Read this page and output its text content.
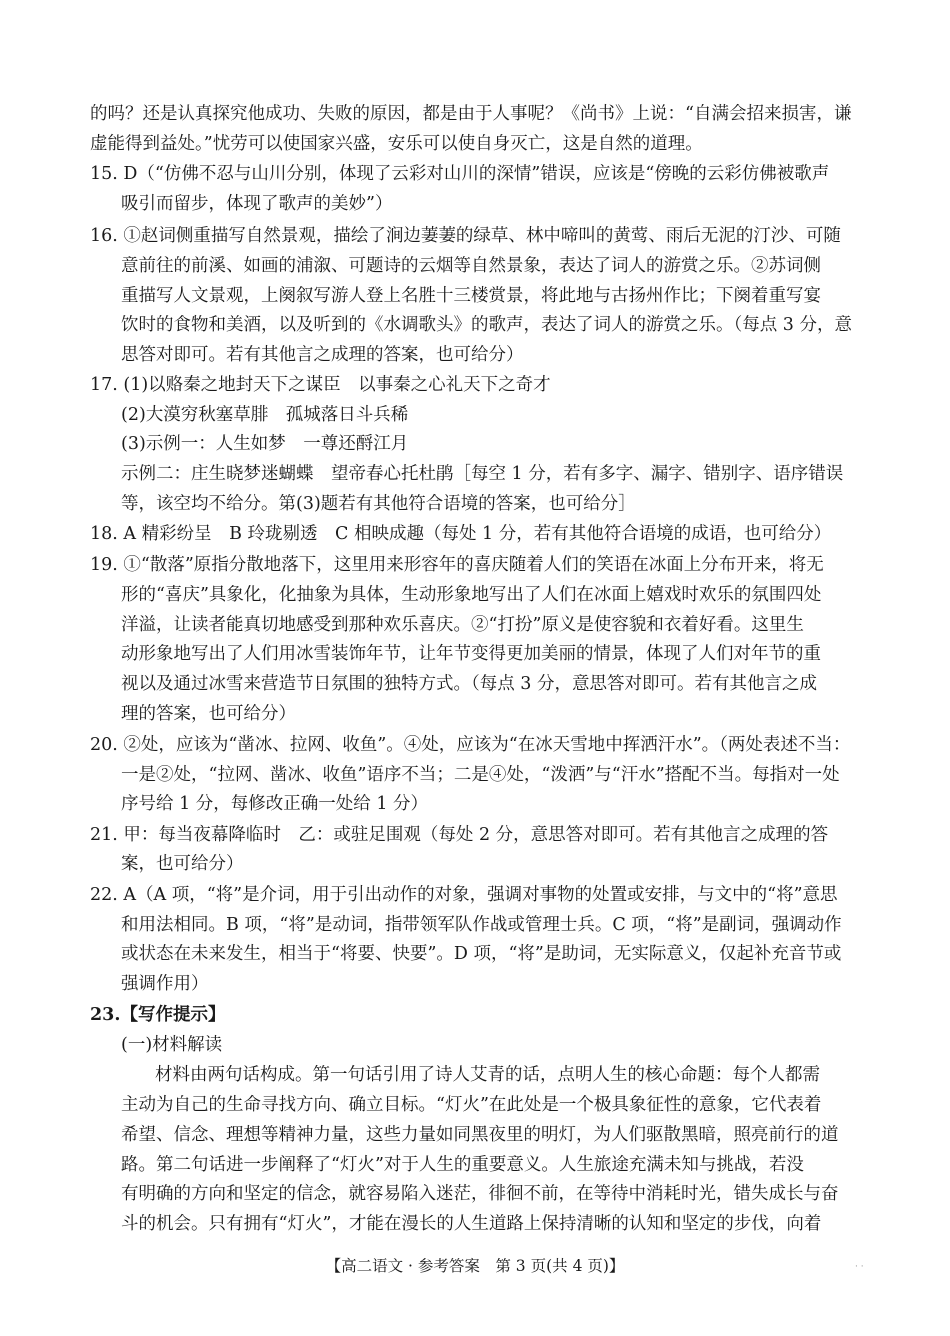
的吗？还是认真探究他成功、失败的原因，都是由于人事呢？《尚书》上说：“自满会招来损害，谦
虚能得到益处。”忧劳可以使国家兴盛，安乐可以使自身灭亡，这是自然的道理。
15. D（“仿佛不忍与山川分别，体现了云彩对山川的深情”错误，应该是“傍晚的云彩仿佛被歌声
吸引而留步，体现了歌声的美妙”）
16. ①赵词侧重描写自然景观，描绘了涧边萋萋的绿草、林中啼叫的黄莺、雨后无泥的汀沙、可随
意前往的前溪、如画的浦溆、可题诗的云烟等自然景象，表达了词人的游赏之乐。②苏词侧
重描写人文景观，上阕叙写游人登上名胜十三楼赏景，将此地与古扬州作比；下阕着重写宴
饮时的食物和美酒，以及听到的《水调歌头》的歌声，表达了词人的游赏之乐。（每点 3 分，意
思答对即可。若有其他言之成理的答案，也可给分）
17. (1)以赂秦之地封天下之谋臣　以事秦之心礼天下之奇才
(2)大漠穷秋塞草腓　孤城落日斗兵稀
(3)示例一：人生如梦　一尊还酹江月
示例二：庄生晓梦迷蝴蝶　望帝春心托杜鹃［每空 1 分，若有多字、漏字、错别字、语序错误
等，该空均不给分。第(3)题若有其他符合语境的答案，也可给分］
18. A 精彩纷呈　B 玲珑剔透　C 相映成趣（每处 1 分，若有其他符合语境的成语，也可给分）
19. ①“散落”原指分散地落下，这里用来形容年的喜庆随着人们的笑语在冰面上分布开来，将无
形的“喜庆”具象化，化抽象为具体，生动形象地写出了人们在冰面上嬉戏时欢乐的氛围四处
洋溢，让读者能真切地感受到那种欢乐喜庆。②“打扮”原义是使容貌和衣着好看。这里生
动形象地写出了人们用冰雪装饰年节，让年节变得更加美丽的情景，体现了人们对年节的重
视以及通过冰雪来营造节日氛围的独特方式。（每点 3 分，意思答对即可。若有其他言之成
理的答案，也可给分）
20. ②处，应该为“凿冰、拉网、收鱼”。④处，应该为“在冰天雪地中挥洒汗水”。（两处表述不当：
一是②处，“拉网、凿冰、收鱼”语序不当；二是④处，“泼洒”与“汗水”搭配不当。每指对一处
序号给 1 分，每修改正确一处给 1 分）
21. 甲：每当夜幕降临时　乙：或驻足围观（每处 2 分，意思答对即可。若有其他言之成理的答
案，也可给分）
22. A（A 项，“将”是介词，用于引出动作的对象，强调对事物的处置或安排，与文中的“将”意思
和用法相同。B 项，“将”是动词，指带领军队作战或管理士兵。C 项，“将”是副词，强调动作
或状态在未来发生，相当于“将要、快要”。D 项，“将”是助词，无实际意义，仅起补充音节或
强调作用）
23.【写作提示】
(一)材料解读
材料由两句话构成。第一句话引用了诗人艾青的话，点明人生的核心命题：每个人都需
主动为自己的生命寻找方向、确立目标。“灯火”在此处是一个极具象征性的意象，它代表着
希望、信念、理想等精神力量，这些力量如同黑夜里的明灯，为人们驱散黑暗，照亮前行的道
路。第二句话进一步阐释了“灯火”对于人生的重要意义。人生旅途充满未知与挑战，若没
有明确的方向和坚定的信念，就容易陷入迷茫，徘徊不前，在等待中消耗时光，错失成长与奋
斗的机会。只有拥有“灯火”，才能在漫长的人生道路上保持清晰的认知和坚定的步伐，向着
【高二语文 · 参考答案　第 3 页(共 4 页)】	· ·
